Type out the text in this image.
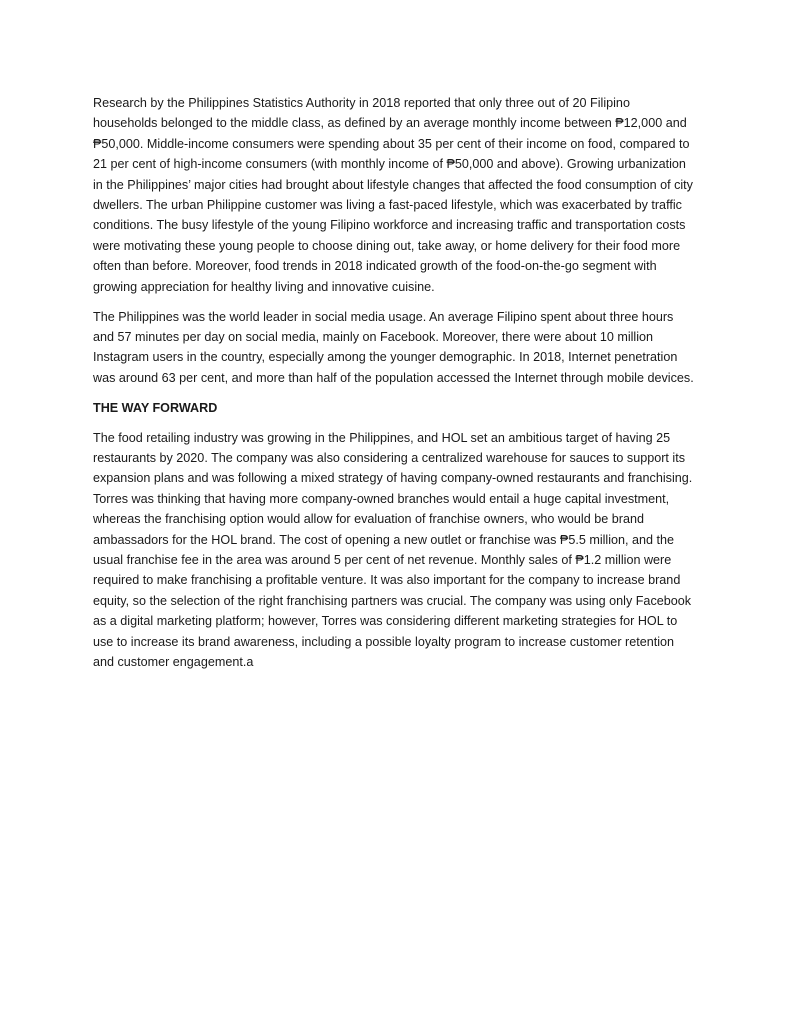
Research by the Philippines Statistics Authority in 2018 reported that only three out of 20 Filipino households belonged to the middle class, as defined by an average monthly income between ₱12,000 and ₱50,000. Middle-income consumers were spending about 35 per cent of their income on food, compared to 21 per cent of high-income consumers (with monthly income of ₱50,000 and above). Growing urbanization in the Philippines’ major cities had brought about lifestyle changes that affected the food consumption of city dwellers. The urban Philippine customer was living a fast-paced lifestyle, which was exacerbated by traffic conditions. The busy lifestyle of the young Filipino workforce and increasing traffic and transportation costs were motivating these young people to choose dining out, take away, or home delivery for their food more often than before. Moreover, food trends in 2018 indicated growth of the food-on-the-go segment with growing appreciation for healthy living and innovative cuisine.

The Philippines was the world leader in social media usage. An average Filipino spent about three hours and 57 minutes per day on social media, mainly on Facebook. Moreover, there were about 10 million Instagram users in the country, especially among the younger demographic. In 2018, Internet penetration was around 63 per cent, and more than half of the population accessed the Internet through mobile devices.

THE WAY FORWARD

The food retailing industry was growing in the Philippines, and HOL set an ambitious target of having 25 restaurants by 2020. The company was also considering a centralized warehouse for sauces to support its expansion plans and was following a mixed strategy of having company-owned restaurants and franchising. Torres was thinking that having more company-owned branches would entail a huge capital investment, whereas the franchising option would allow for evaluation of franchise owners, who would be brand ambassadors for the HOL brand. The cost of opening a new outlet or franchise was ₱5.5 million, and the usual franchise fee in the area was around 5 per cent of net revenue. Monthly sales of ₱1.2 million were required to make franchising a profitable venture. It was also important for the company to increase brand equity, so the selection of the right franchising partners was crucial. The company was using only Facebook as a digital marketing platform; however, Torres was considering different marketing strategies for HOL to use to increase its brand awareness, including a possible loyalty program to increase customer retention and customer engagement.a
